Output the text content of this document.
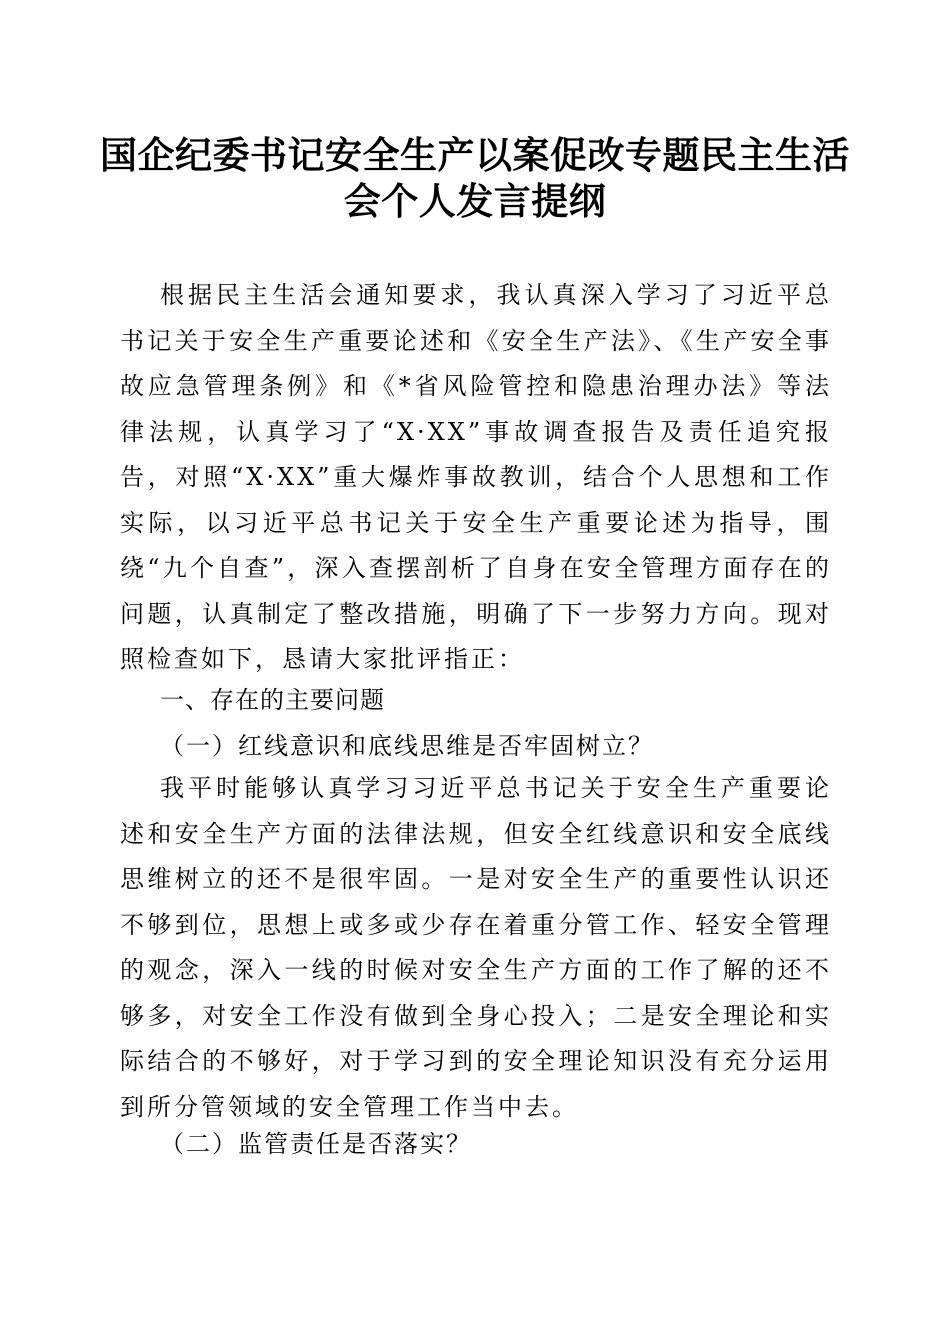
国企纪委书记安全生产以案促改专题民主生活
会个人发言提纲

根据民主生活会通知要求，我认真深入学习了习近平总书记关于安全生产重要论述和《安全生产法》、《生产安全事故应急管理条例》和《*省风险管控和隐患治理办法》等法律法规，认真学习了“X·XX”事故调查报告及责任追究报告，对照“X·XX”重大爆炸事故教训，结合个人思想和工作实际，以习近平总书记关于安全生产重要论述为指导，围绕“九个自查”，深入查摆剖析了自身在安全管理方面存在的问题，认真制定了整改措施，明确了下一步努力方向。现对照检查如下，恳请大家批评指正：

一、存在的主要问题
（一）红线意识和底线思维是否牢固树立？

我平时能够认真学习习近平总书记关于安全生产重要论述和安全生产方面的法律法规，但安全红线意识和安全底线思维树立的还不是很牢固。一是对安全生产的重要性认识还不够到位，思想上或多或少存在着重分管工作、轻安全管理的观念，深入一线的时候对安全生产方面的工作了解的还不够多，对安全工作没有做到全身心投入；二是安全理论和实际结合的不够好，对于学习到的安全理论知识没有充分运用到所分管领域的安全管理工作当中去。

（二）监管责任是否落实？
